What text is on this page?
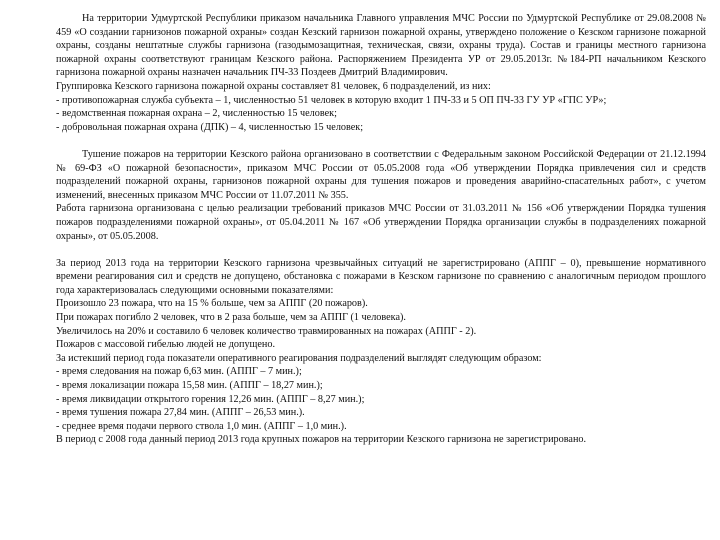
На территории Удмуртской Республики приказом начальника Главного управления МЧС России по Удмуртской Республике от 29.08.2008 № 459 «О создании гарнизонов пожарной охраны» создан Кезский гарнизон пожарной охраны, утверждено положение о Кезском гарнизоне пожарной охраны, созданы нештатные службы гарнизона (газодымозащитная, техническая, связи, охраны труда). Состав и границы местного гарнизона пожарной охраны соответствуют границам Кезского района. Распоряжением Президента УР от 29.05.2013г. №184-РП начальником Кезского гарнизона пожарной охраны назначен начальник ПЧ-33 Поздеев Дмитрий Владимирович.

Группировка Кезского гарнизона пожарной охраны составляет 81 человек, 6 подразделений, из них:

- противопожарная служба субъекта – 1, численностью 51 человек в которую входит 1 ПЧ-33 и 5 ОП ПЧ-33 ГУ УР «ГПС УР»;

- ведомственная пожарная охрана – 2, численностью 15 человек;
- добровольная пожарная охрана (ДПК) – 4, численностью 15 человек;

Тушение пожаров на территории Кезского района организовано в соответствии с Федеральным законом Российской Федерации от 21.12.1994 № 69-ФЗ «О пожарной безопасности», приказом МЧС России от 05.05.2008 года «Об утверждении Порядка привлечения сил и средств подразделений пожарной охраны, гарнизонов пожарной охраны для тушения пожаров и проведения аварийно-спасательных работ», с учетом изменений, внесенных приказом МЧС России от 11.07.2011 № 355.

Работа гарнизона организована с целью реализации требований приказов МЧС России от 31.03.2011 № 156 «Об утверждении Порядка тушения пожаров подразделениями пожарной охраны», от 05.04.2011 № 167 «Об утверждении Порядка организации службы в подразделениях пожарной охраны», от 05.05.2008.

За период 2013 года на территории Кезского гарнизона чрезвычайных ситуаций не зарегистрировано (АППГ – 0), превышение нормативного времени реагирования сил и средств не допущено, обстановка с пожарами в Кезском гарнизоне по сравнению с аналогичным периодом прошлого года характеризовалась следующими основными показателями:

Произошло 23 пожара, что на 15 % больше, чем за АППГ (20 пожаров).
При пожарах погибло 2 человек, что в 2 раза больше, чем за АППГ (1 человека).
Увеличилось на 20% и составило 6 человек количество травмированных на пожарах (АППГ - 2).
Пожаров с массовой гибелью людей не допущено.
За истекший период года показатели оперативного реагирования подразделений выглядят следующим образом:
- время следования на пожар 6,63 мин. (АППГ – 7 мин.);
- время локализации пожара 15,58 мин. (АППГ – 18,27 мин.);
- время ликвидации открытого горения 12,26 мин. (АППГ – 8,27 мин.);
- время тушения пожара 27,84 мин. (АППГ – 26,53 мин.).
- среднее время подачи первого ствола 1,0 мин. (АППГ – 1,0 мин.).
В период с 2008 года данный период 2013 года крупных пожаров на территории Кезского гарнизона не зарегистрировано.
